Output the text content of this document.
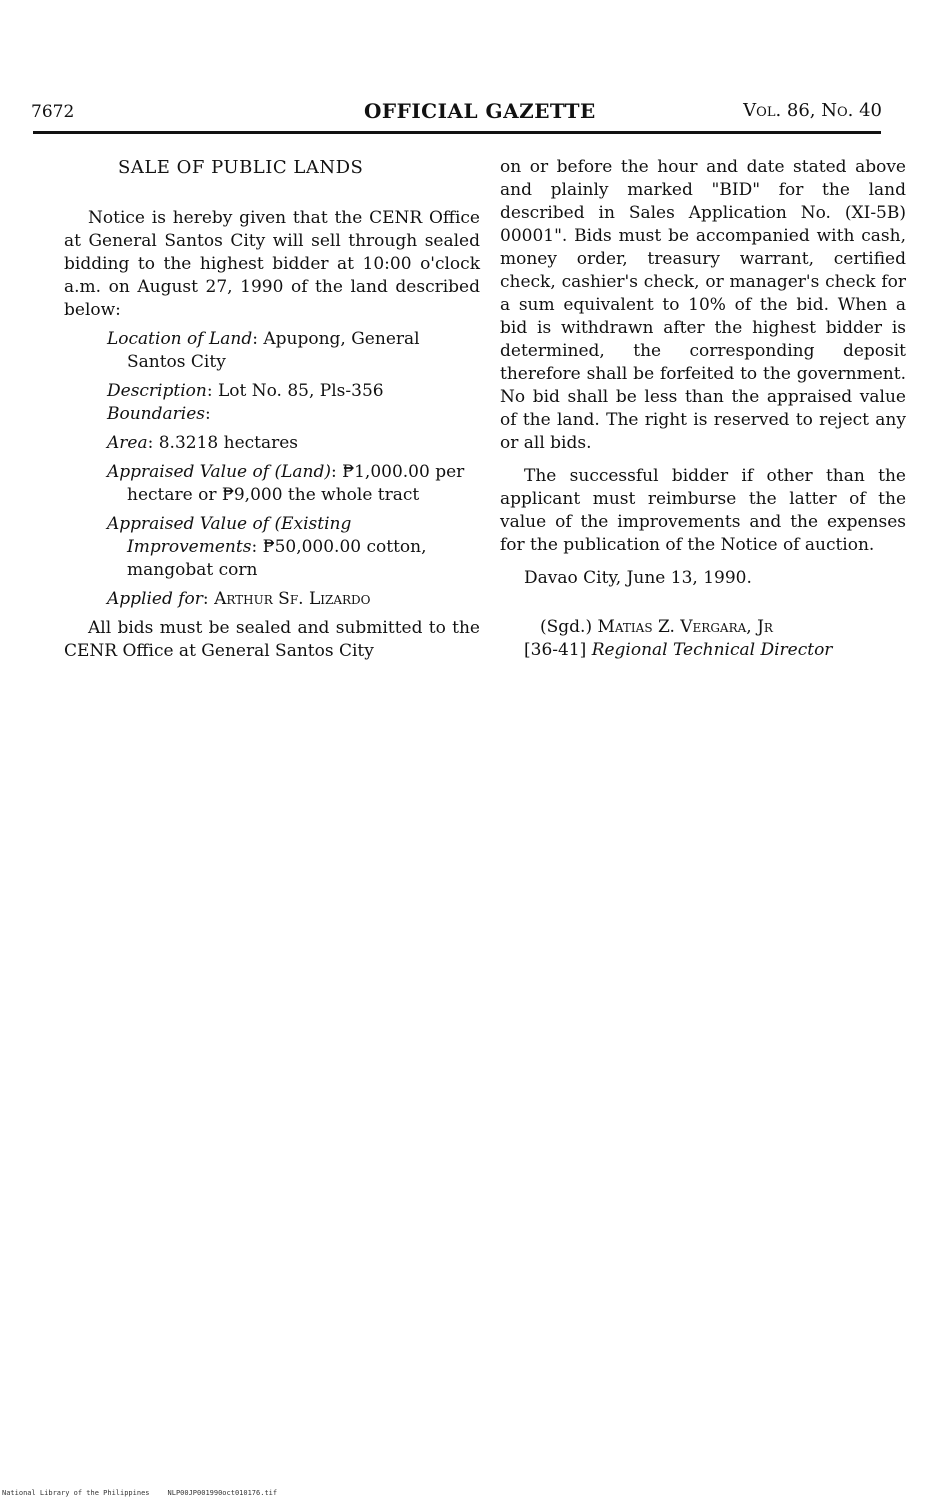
7672	OFFICIAL GAZETTE	Vol. 86, No. 40
SALE OF PUBLIC LANDS

Notice is hereby given that the CENR Office at General Santos City will sell through sealed bidding to the highest bidder at 10:00 o'clock a.m. on August 27, 1990 of the land described below:

Location of Land: Apupong, General Santos City

Description: Lot No. 85, Pls-356

Boundaries:

Area: 8.3218 hectares

Appraised Value of (Land): ₱1,000.00 per hectare or ₱9,000 the whole tract

Appraised Value of (Existing Improvements: ₱50,000.00 cotton, mangobat corn

Applied for: Arthur Sf. Lizardo

All bids must be sealed and submitted to the CENR Office at General Santos City

on or before the hour and date stated above and plainly marked "BID" for the land described in Sales Application No. (XI-5B) 00001". Bids must be accompanied with cash, money order, treasury warrant, certified check, cashier's check, or manager's check for a sum equivalent to 10% of the bid. When a bid is withdrawn after the highest bidder is determined, the corresponding deposit therefore shall be forfeited to the government. No bid shall be less than the appraised value of the land. The right is reserved to reject any or all bids.

The successful bidder if other than the applicant must reimburse the latter of the value of the improvements and the expenses for the publication of the Notice of auction.

Davao City, June 13, 1990.

(Sgd.) Matias Z. Vergara, Jr

[36-41] Regional Technical Director

National Library of the Philippines	NLP00JP001990oct010176.tif
